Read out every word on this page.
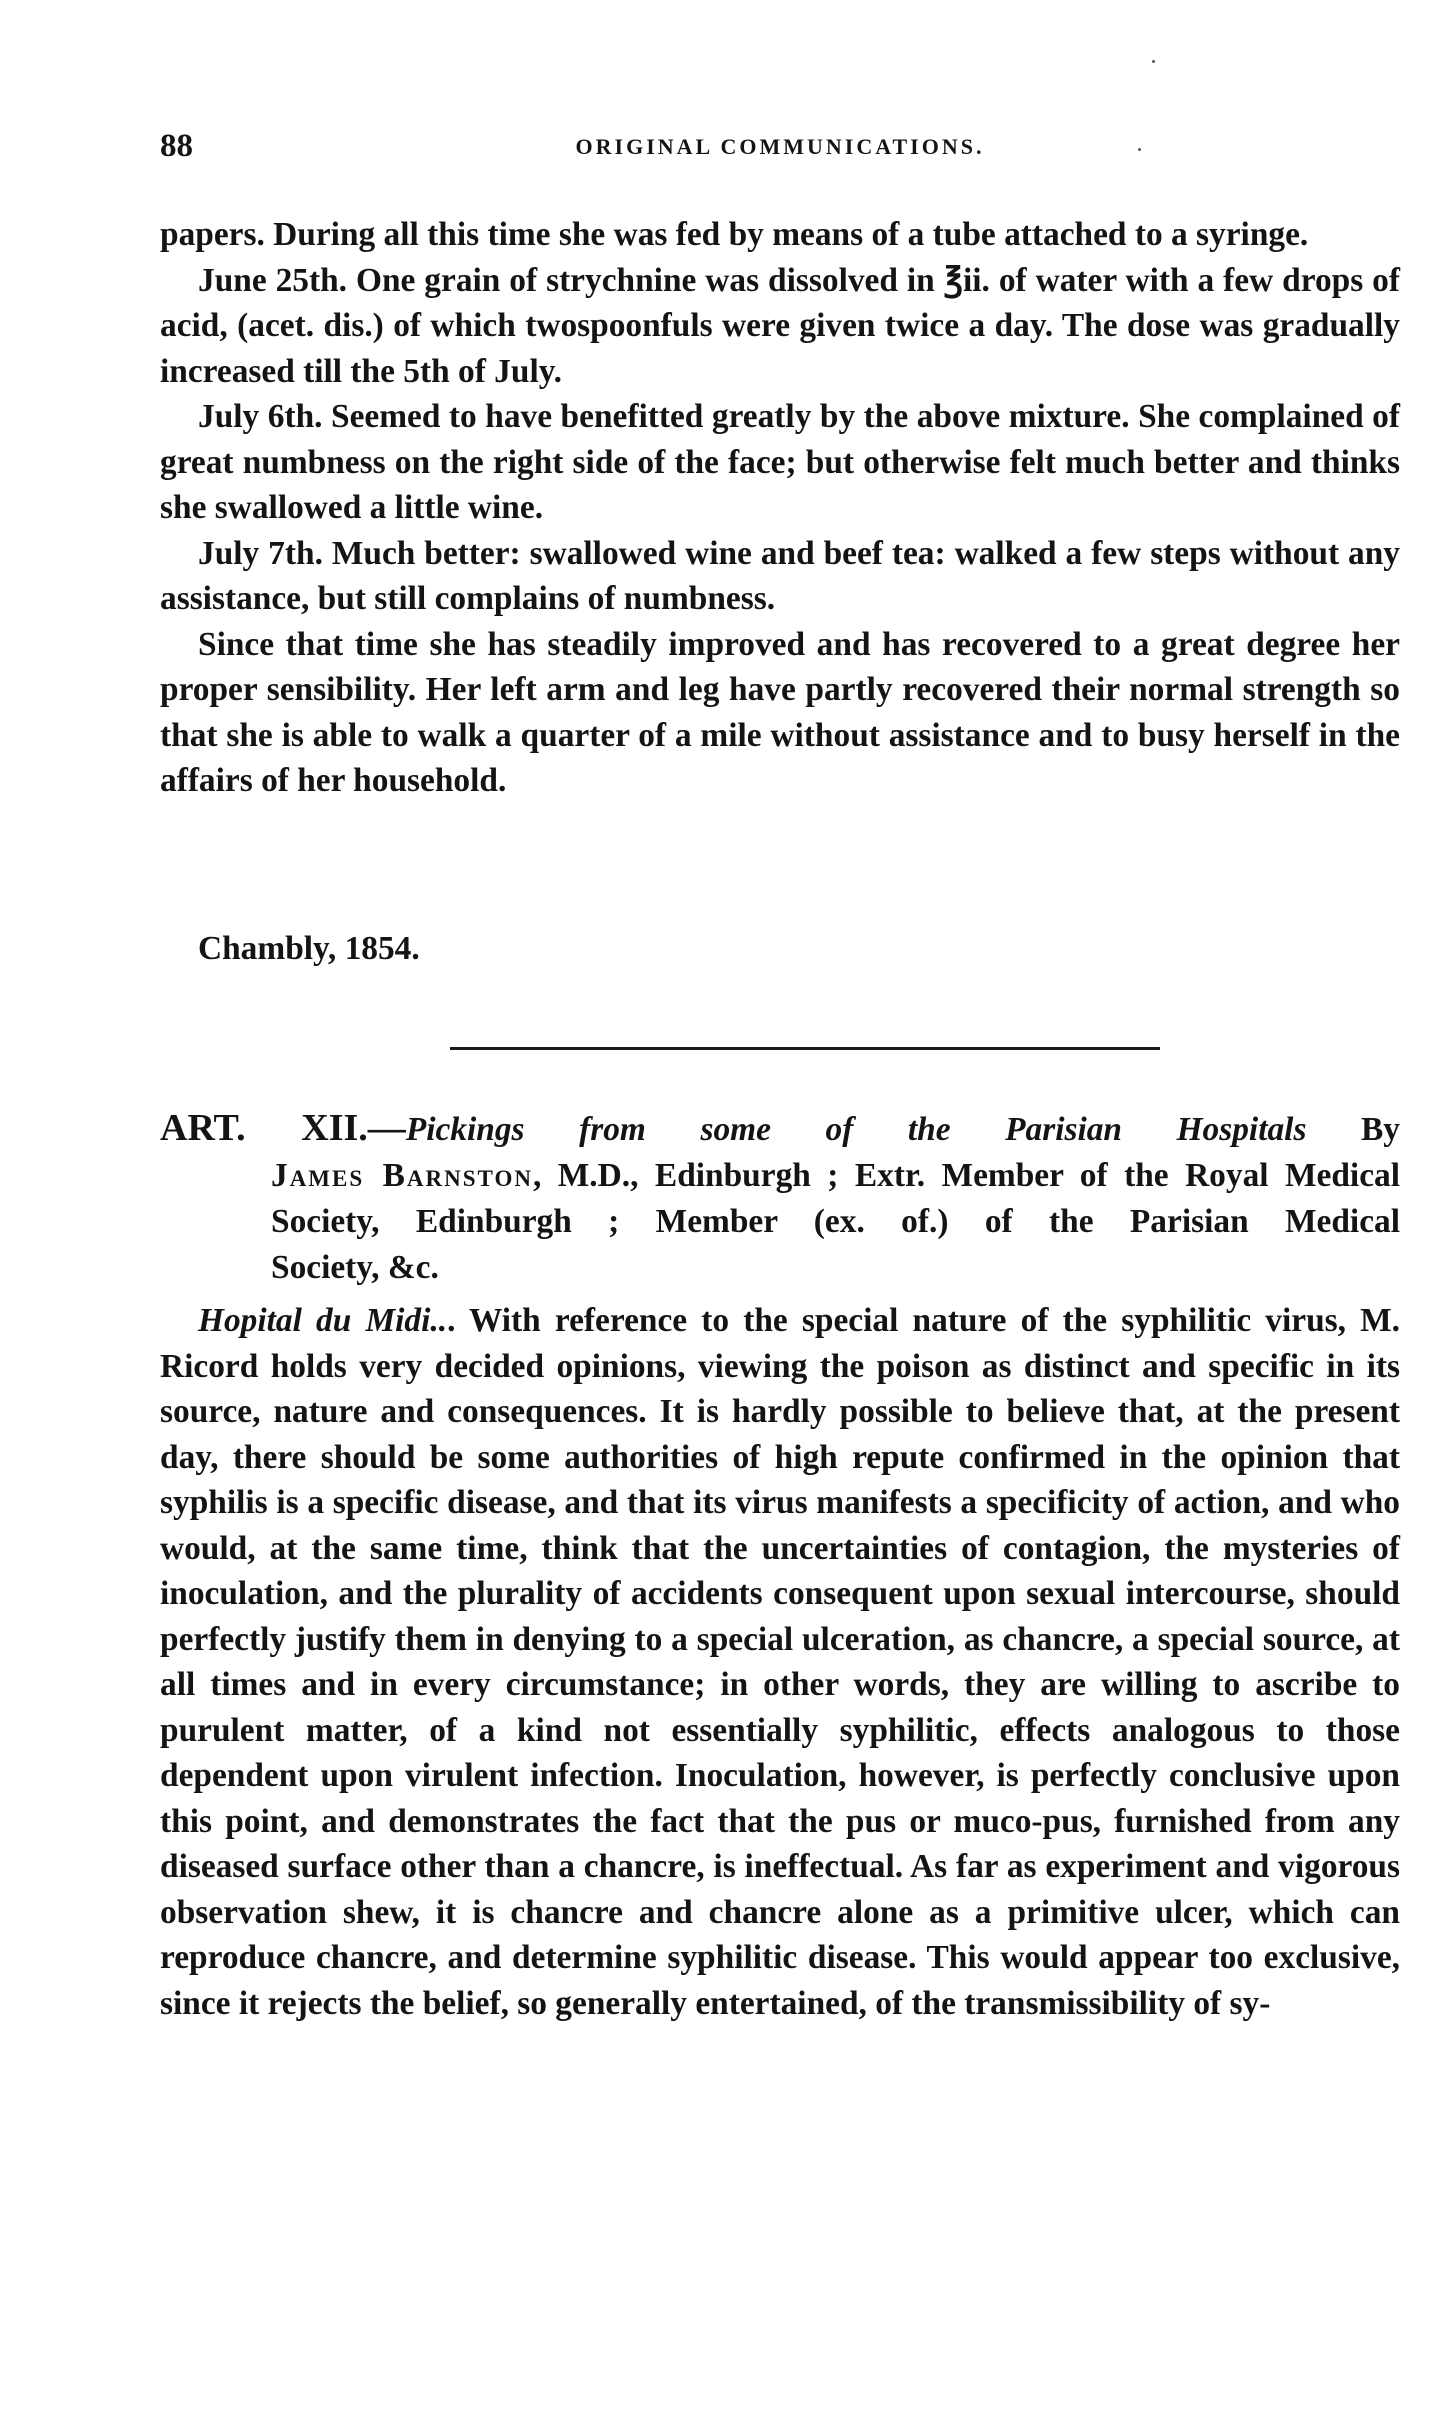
88	ORIGINAL COMMUNICATIONS.

papers. During all this time she was fed by means of a tube attached to a syringe.

June 25th. One grain of strychnine was dissolved in ℥ii. of water with a few drops of acid, (acet. dis.) of which twospoonfuls were given twice a day. The dose was gradually increased till the 5th of July.

July 6th. Seemed to have benefitted greatly by the above mixture. She complained of great numbness on the right side of the face; but otherwise felt much better and thinks she swallowed a little wine.

July 7th. Much better: swallowed wine and beef tea: walked a few steps without any assistance, but still complains of numbness.

Since that time she has steadily improved and has recovered to a great degree her proper sensibility. Her left arm and leg have partly recovered their normal strength so that she is able to walk a quarter of a mile without assistance and to busy herself in the affairs of her household.

Chambly, 1854.
ART. XII.—Pickings from some of the Parisian Hospitals By
James Barnston, M.D., Edinburgh ; Extr. Member of the Royal Medical
Society, Edinburgh ; Member (ex. of.) of the Parisian Medical
Society, &c.

Hopital du Midi... With reference to the special nature of the syphilitic virus, M. Ricord holds very decided opinions, viewing the poison as distinct and specific in its source, nature and consequences. It is hardly possible to believe that, at the present day, there should be some authorities of high repute confirmed in the opinion that syphilis is a specific disease, and that its virus manifests a specificity of action, and who would, at the same time, think that the uncertainties of contagion, the mysteries of inoculation, and the plurality of accidents consequent upon sexual intercourse, should perfectly justify them in denying to a special ulceration, as chancre, a special source, at all times and in every circumstance; in other words, they are willing to ascribe to purulent matter, of a kind not essentially syphilitic, effects analogous to those dependent upon virulent infection. Inoculation, however, is perfectly conclusive upon this point, and demonstrates the fact that the pus or muco-pus, furnished from any diseased surface other than a chancre, is ineffectual. As far as experiment and vigorous observation shew, it is chancre and chancre alone as a primitive ulcer, which can reproduce chancre, and determine syphilitic disease. This would appear too exclusive, since it rejects the belief, so generally entertained, of the transmissibility of sy-
